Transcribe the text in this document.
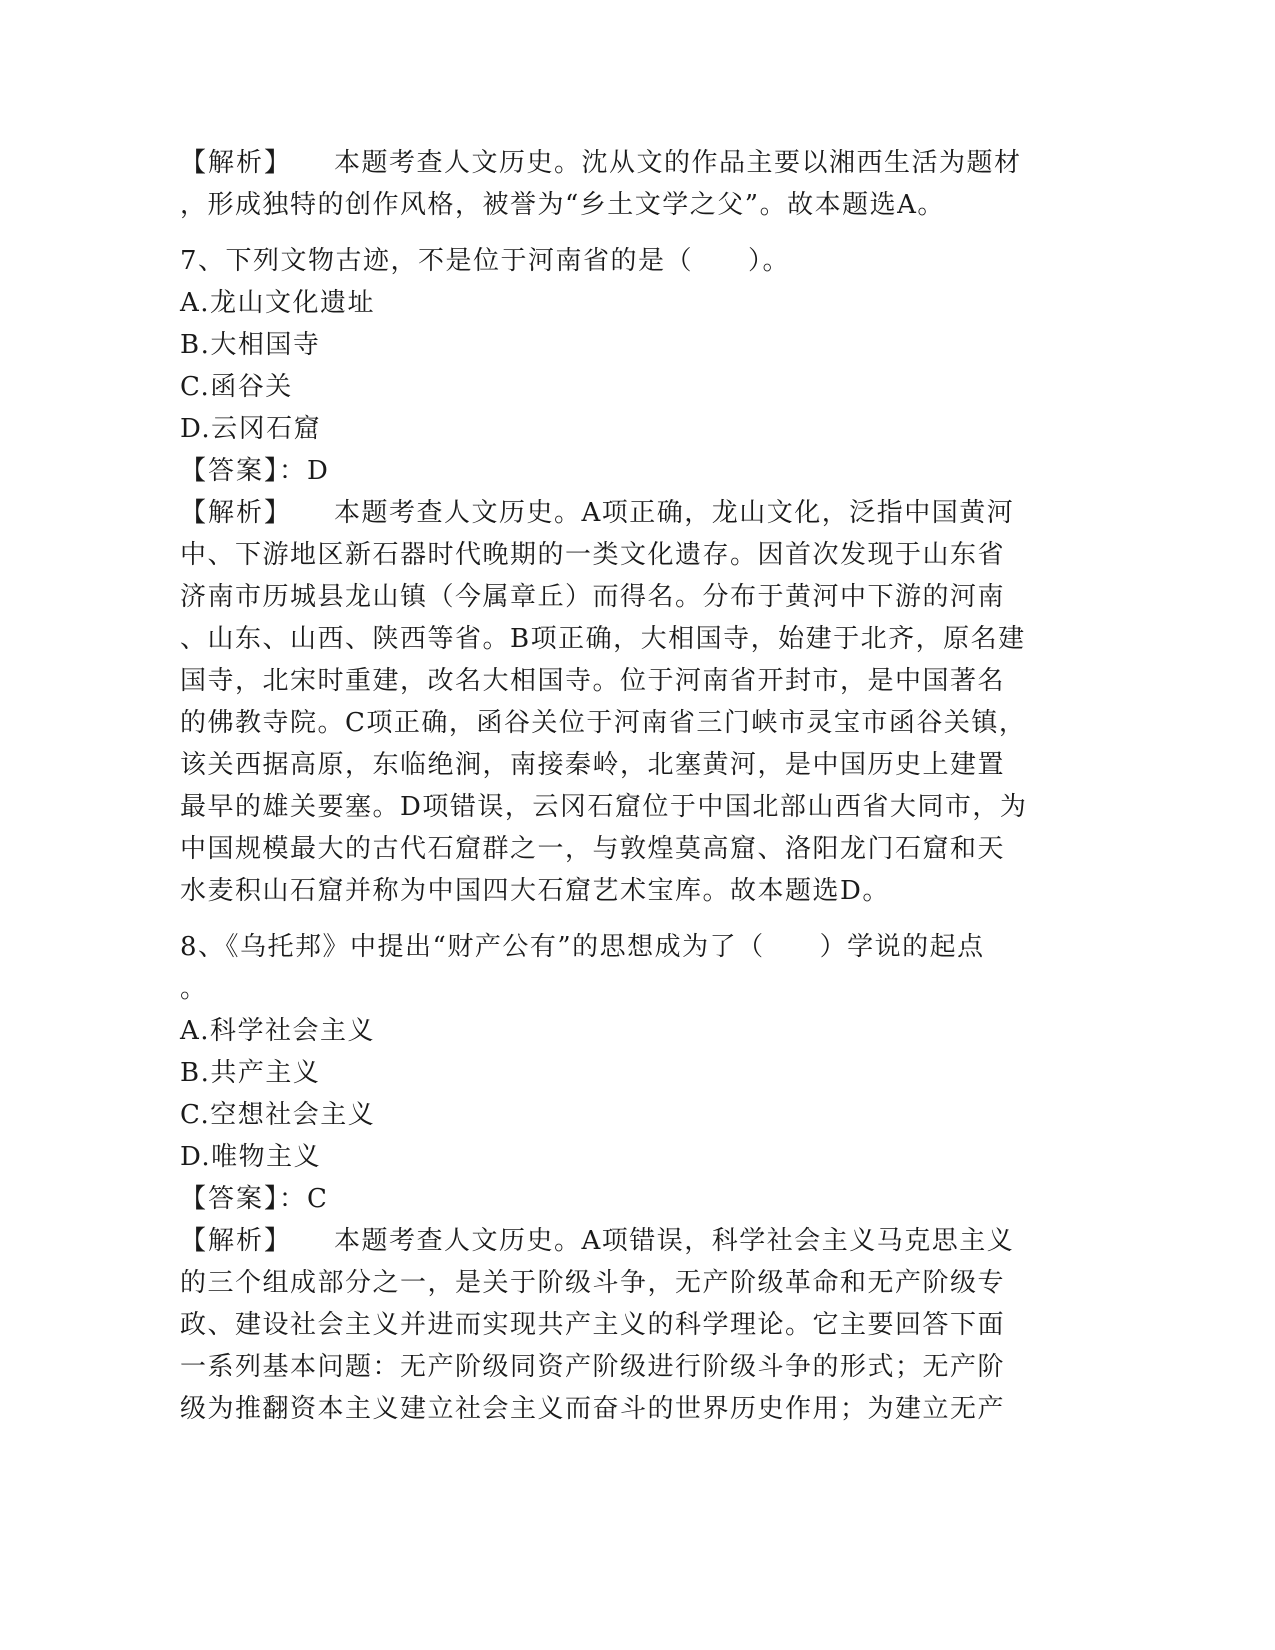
【解析】 本题考查人文历史。沈从文的作品主要以湘西生活为题材
，形成独特的创作风格，被誉为“乡土文学之父”。故本题选A。
7、下列文物古迹，不是位于河南省的是（　　）。
A.龙山文化遗址
B.大相国寺
C.函谷关
D.云冈石窟
【答案】：D
【解析】 本题考查人文历史。A项正确，龙山文化，泛指中国黄河
中、下游地区新石器时代晚期的一类文化遗存。因首次发现于山东省
济南市历城县龙山镇（今属章丘）而得名。分布于黄河中下游的河南
、山东、山西、陕西等省。B项正确，大相国寺，始建于北齐，原名建
国寺，北宋时重建，改名大相国寺。位于河南省开封市，是中国著名
的佛教寺院。C项正确，函谷关位于河南省三门峡市灵宝市函谷关镇，
该关西据高原，东临绝涧，南接秦岭，北塞黄河，是中国历史上建置
最早的雄关要塞。D项错误，云冈石窟位于中国北部山西省大同市，为
中国规模最大的古代石窟群之一，与敦煌莫高窟、洛阳龙门石窟和天
水麦积山石窟并称为中国四大石窟艺术宝库。故本题选D。
8、《乌托邦》中提出“财产公有”的思想成为了（　　）学说的起点
。
A.科学社会主义
B.共产主义
C.空想社会主义
D.唯物主义
【答案】：C
【解析】 本题考查人文历史。A项错误，科学社会主义马克思主义
的三个组成部分之一，是关于阶级斗争，无产阶级革命和无产阶级专
政、建设社会主义并进而实现共产主义的科学理论。它主要回答下面
一系列基本问题：无产阶级同资产阶级进行阶级斗争的形式；无产阶
级为推翻资本主义建立社会主义而奋斗的世界历史作用；为建立无产
